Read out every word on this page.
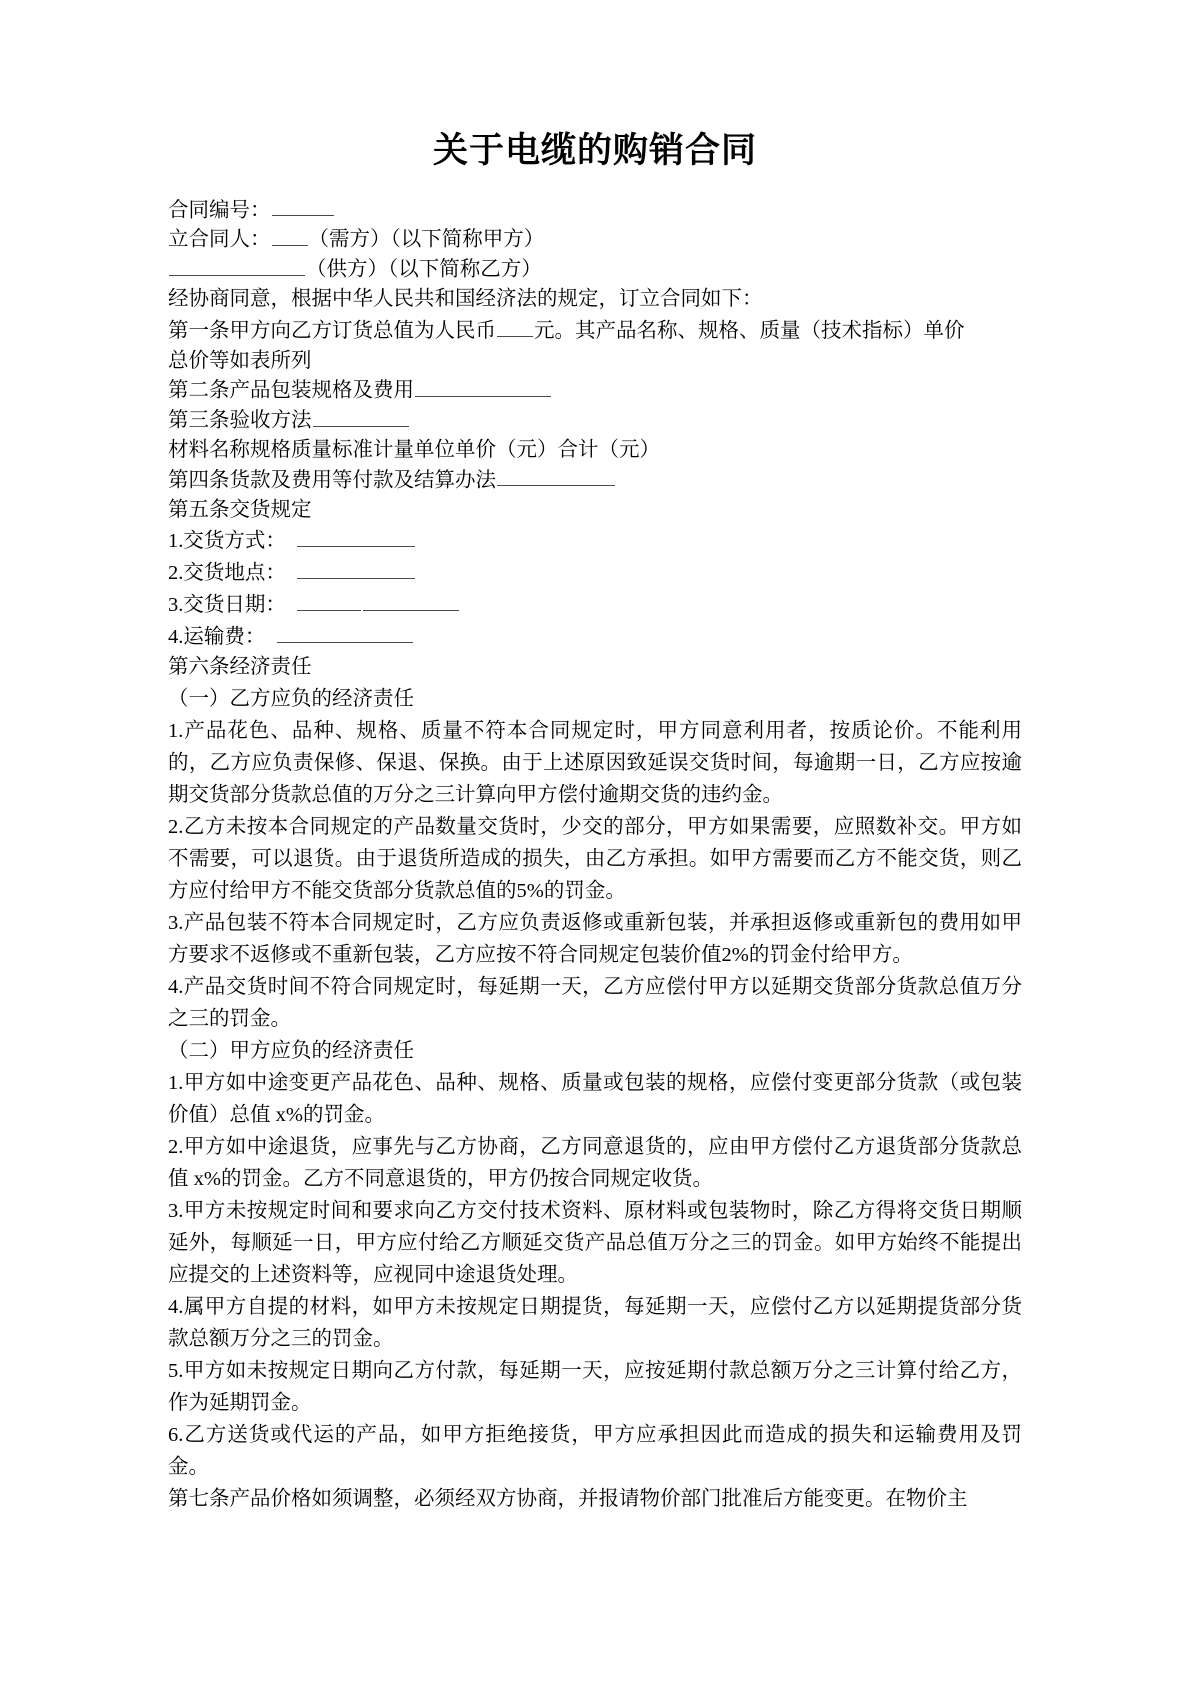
关于电缆的购销合同

合同编号：

立合同人： （需方）（以下简称甲方）

（供方）（以下简称乙方）

经协商同意，根据中华人民共和国经济法的规定，订立合同如下：

第一条甲方向乙方订货总值为人民币 元。其产品名称、规格、质量（技术指标）单价

总价等如表所列

第二条产品包装规格及费用

第三条验收方法

材料名称规格质量标准计量单位单价（元）合计（元）

第四条货款及费用等付款及结算办法

第五条交货规定

1.交货方式：

2.交货地点：

3.交货日期：

4.运输费：

第六条经济责任

（一）乙方应负的经济责任

1.产品花色、品种、规格、质量不符本合同规定时，甲方同意利用者，按质论价。不能利用的，乙方应负责保修、保退、保换。由于上述原因致延误交货时间，每逾期一日，乙方应按逾期交货部分货款总值的万分之三计算向甲方偿付逾期交货的违约金。

2.乙方未按本合同规定的产品数量交货时，少交的部分，甲方如果需要，应照数补交。甲方如不需要，可以退货。由于退货所造成的损失，由乙方承担。如甲方需要而乙方不能交货，则乙方应付给甲方不能交货部分货款总值的5%的罚金。

3.产品包装不符本合同规定时，乙方应负责返修或重新包装，并承担返修或重新包的费用如甲方要求不返修或不重新包装，乙方应按不符合同规定包装价值2%的罚金付给甲方。

4.产品交货时间不符合同规定时，每延期一天，乙方应偿付甲方以延期交货部分货款总值万分之三的罚金。

（二）甲方应负的经济责任

1.甲方如中途变更产品花色、品种、规格、质量或包装的规格，应偿付变更部分货款（或包装价值）总值 x%的罚金。

2.甲方如中途退货，应事先与乙方协商，乙方同意退货的，应由甲方偿付乙方退货部分货款总值 x%的罚金。乙方不同意退货的，甲方仍按合同规定收货。

3.甲方未按规定时间和要求向乙方交付技术资料、原材料或包装物时，除乙方得将交货日期顺延外，每顺延一日，甲方应付给乙方顺延交货产品总值万分之三的罚金。如甲方始终不能提出应提交的上述资料等，应视同中途退货处理。

4.属甲方自提的材料，如甲方未按规定日期提货，每延期一天，应偿付乙方以延期提货部分货款总额万分之三的罚金。

5.甲方如未按规定日期向乙方付款，每延期一天，应按延期付款总额万分之三计算付给乙方，作为延期罚金。

6.乙方送货或代运的产品，如甲方拒绝接货，甲方应承担因此而造成的损失和运输费用及罚金。

第七条产品价格如须调整，必须经双方协商，并报请物价部门批准后方能变更。在物价主
